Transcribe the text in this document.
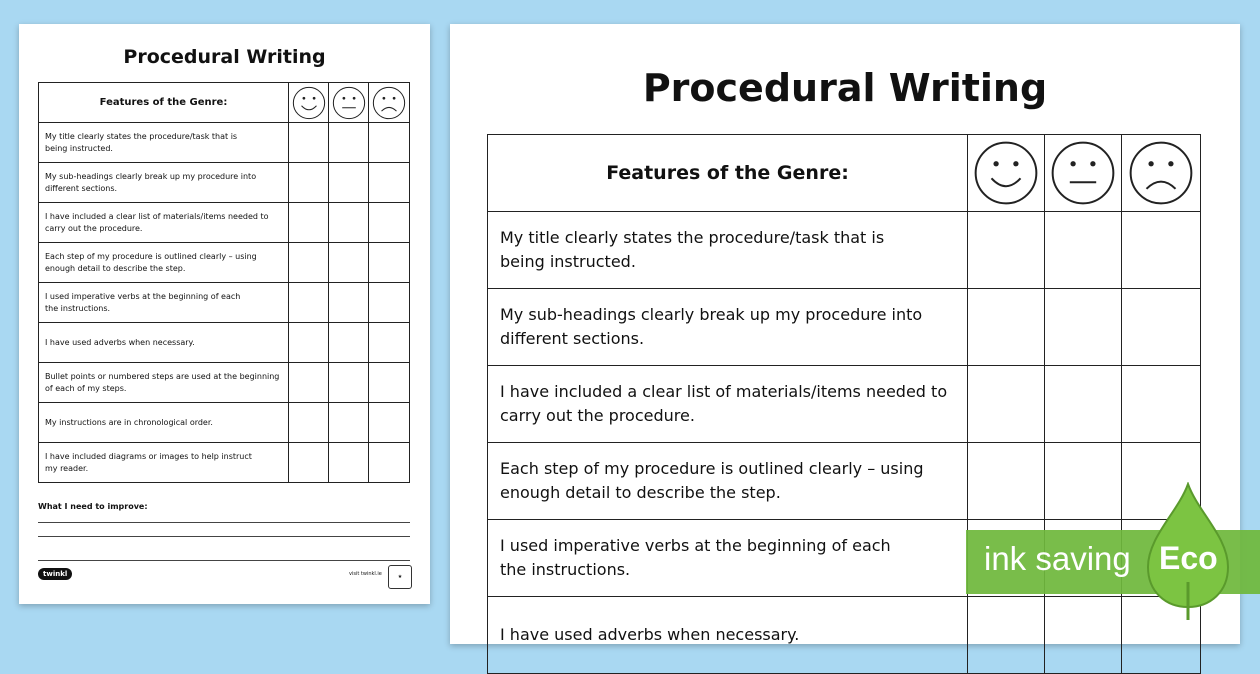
Procedural Writing
Features of the Genre:	

My title clearly states the procedure/task that is
being instructed.			
My sub-headings clearly break up my procedure into
different sections.			
I have included a clear list of materials/items needed to
carry out the procedure.			
Each step of my procedure is outlined clearly – using
enough detail to describe the step.			
I used imperative verbs at the beginning of each
the instructions.			
I have used adverbs when necessary.			
Bullet points or numbered steps are used at the beginning
of each of my steps.			
My instructions are in chronological order.			
I have included diagrams or images to help instruct
my reader.			
What I need to improve:
twinkl	visit twinkl.ie	★
Procedural Writing
Features of the Genre:	

My title clearly states the procedure/task that is
being instructed.			
My sub-headings clearly break up my procedure into
different sections.			
I have included a clear list of materials/items needed to
carry out the procedure.			
Each step of my procedure is outlined clearly – using
enough detail to describe the step.			
I used imperative verbs at the beginning of each
the instructions.			
I have used adverbs when necessary.			
ink saving Eco
